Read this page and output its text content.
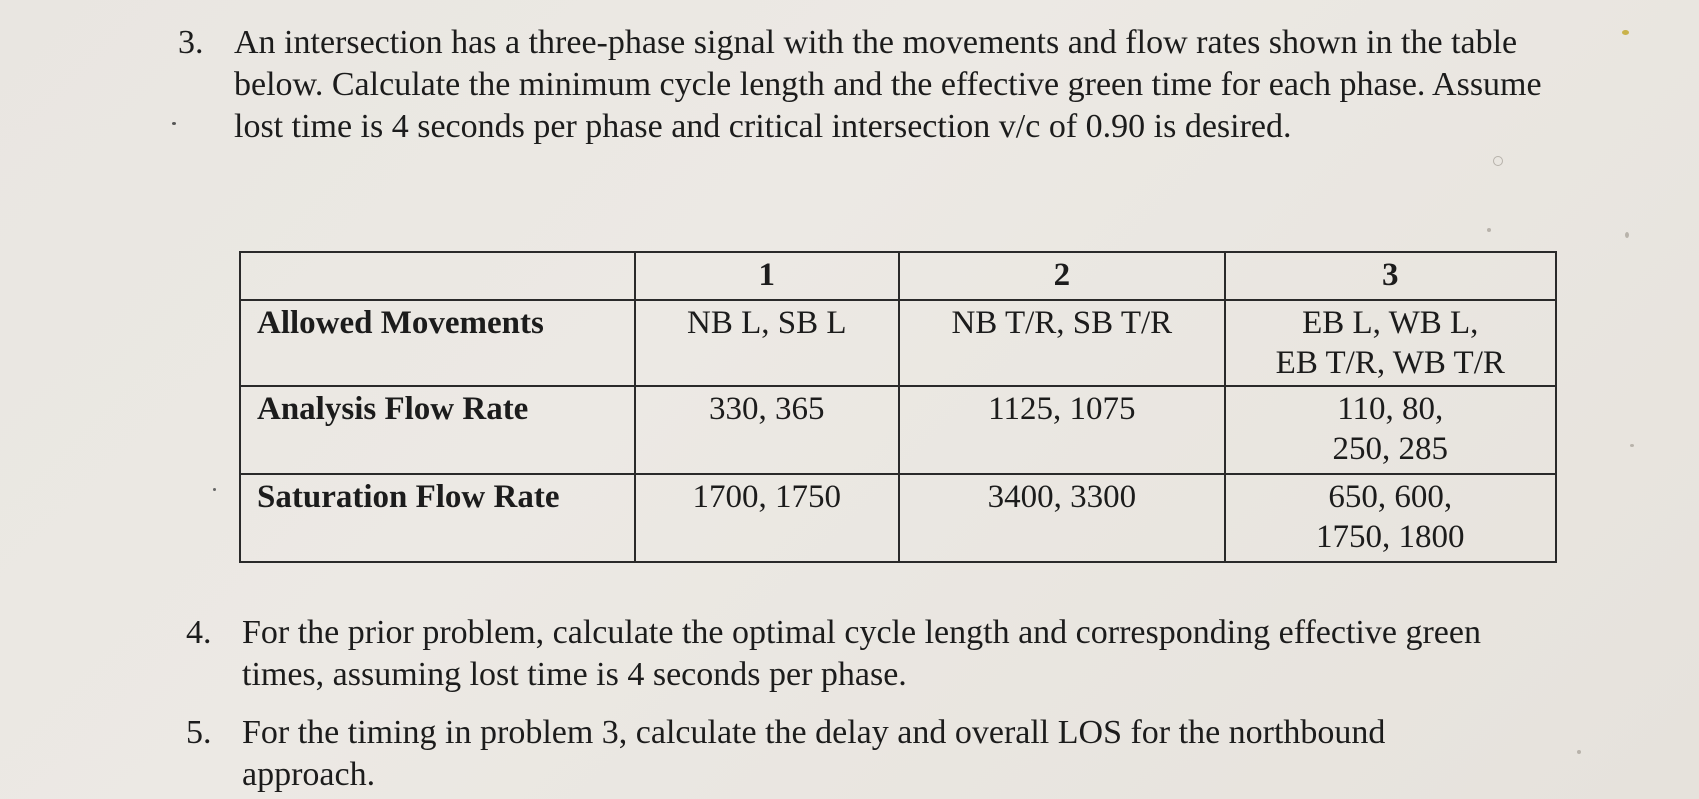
3. An intersection has a three-phase signal with the movements and flow rates shown in the table below. Calculate the minimum cycle length and the effective green time for each phase. Assume lost time is 4 seconds per phase and critical intersection v/c of 0.90 is desired.
	1	2	3
Allowed Movements	NB L, SB L	NB T/R, SB T/R	EB L, WB L,
EB T/R, WB T/R

Analysis Flow Rate	330, 365	1125, 1075	110, 80,
250, 285

Saturation Flow Rate	1700, 1750	3400, 3300	650, 600,
1750, 1800
4. For the prior problem, calculate the optimal cycle length and corresponding effective green times, assuming lost time is 4 seconds per phase.
5. For the timing in problem 3, calculate the delay and overall LOS for the northbound approach.
